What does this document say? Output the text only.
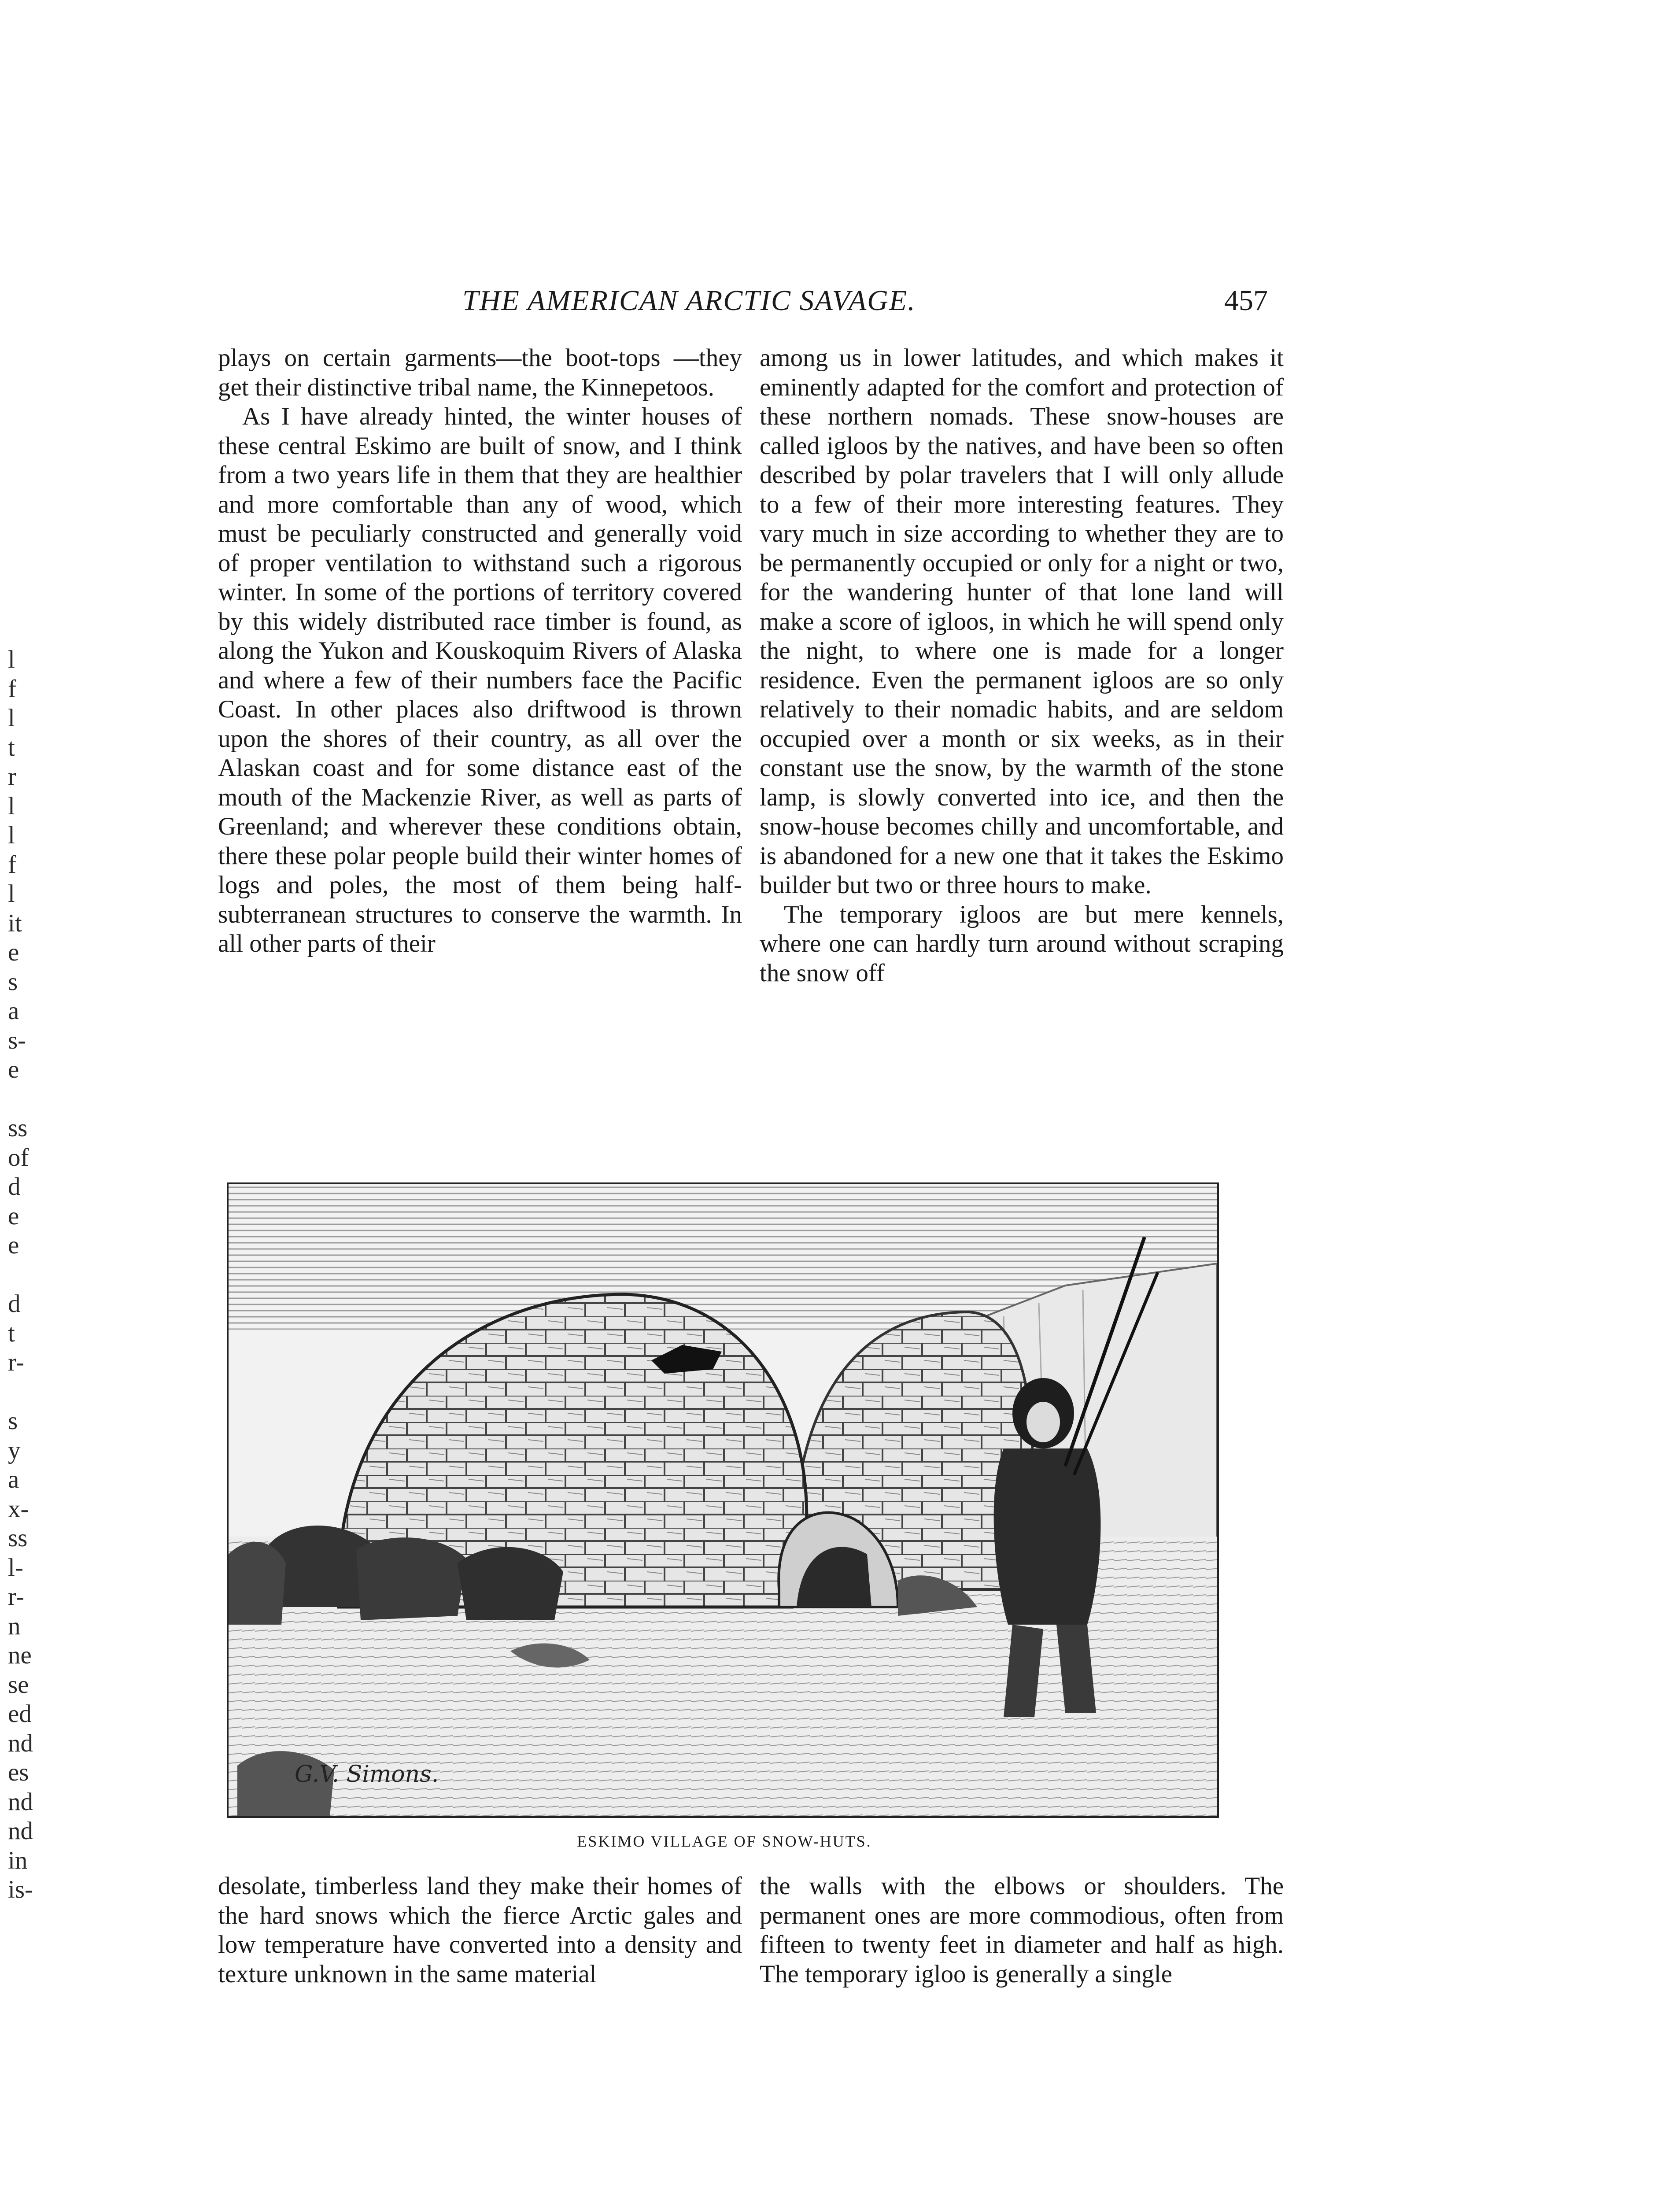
THE AMERICAN ARCTIC SAVAGE.	457

plays on certain garments—the boot-tops —they get their distinctive tribal name, the Kinnepetoos.

As I have already hinted, the winter houses of these central Eskimo are built of snow, and I think from a two years life in them that they are healthier and more comfortable than any of wood, which must be peculiarly constructed and generally void of proper ventilation to withstand such a rigorous winter. In some of the portions of territory covered by this widely distributed race timber is found, as along the Yukon and Kouskoquim Rivers of Alaska and where a few of their numbers face the Pacific Coast. In other places also driftwood is thrown upon the shores of their country, as all over the Alaskan coast and for some distance east of the mouth of the Mackenzie River, as well as parts of Greenland; and wherever these conditions obtain, there these polar people build their winter homes of logs and poles, the most of them being half-subterranean structures to conserve the warmth. In all other parts of their

among us in lower latitudes, and which makes it eminently adapted for the comfort and protection of these northern nomads. These snow-houses are called igloos by the natives, and have been so often described by polar travelers that I will only allude to a few of their more interesting features. They vary much in size according to whether they are to be permanently occupied or only for a night or two, for the wandering hunter of that lone land will make a score of igloos, in which he will spend only the night, to where one is made for a longer residence. Even the permanent igloos are so only relatively to their nomadic habits, and are seldom occupied over a month or six weeks, as in their constant use the snow, by the warmth of the stone lamp, is slowly converted into ice, and then the snow-house becomes chilly and uncomfortable, and is abandoned for a new one that it takes the Eskimo builder but two or three hours to make.

The temporary igloos are but mere kennels, where one can hardly turn around without scraping the snow off

G.V. Simons.
ESKIMO VILLAGE OF SNOW-HUTS.

desolate, timberless land they make their homes of the hard snows which the fierce Arctic gales and low temperature have converted into a density and texture unknown in the same material

the walls with the elbows or shoulders. The permanent ones are more commodious, often from fifteen to twenty feet in diameter and half as high. The temporary igloo is generally a single

l
f
l
t
r
l
l
f
l
it
e
s
a
s-
e

ss
of
d
e
e

d
t
r-

s
y
a
x-
ss
l-
r-
n
ne
se
ed
nd
es
nd
nd
in
is-
